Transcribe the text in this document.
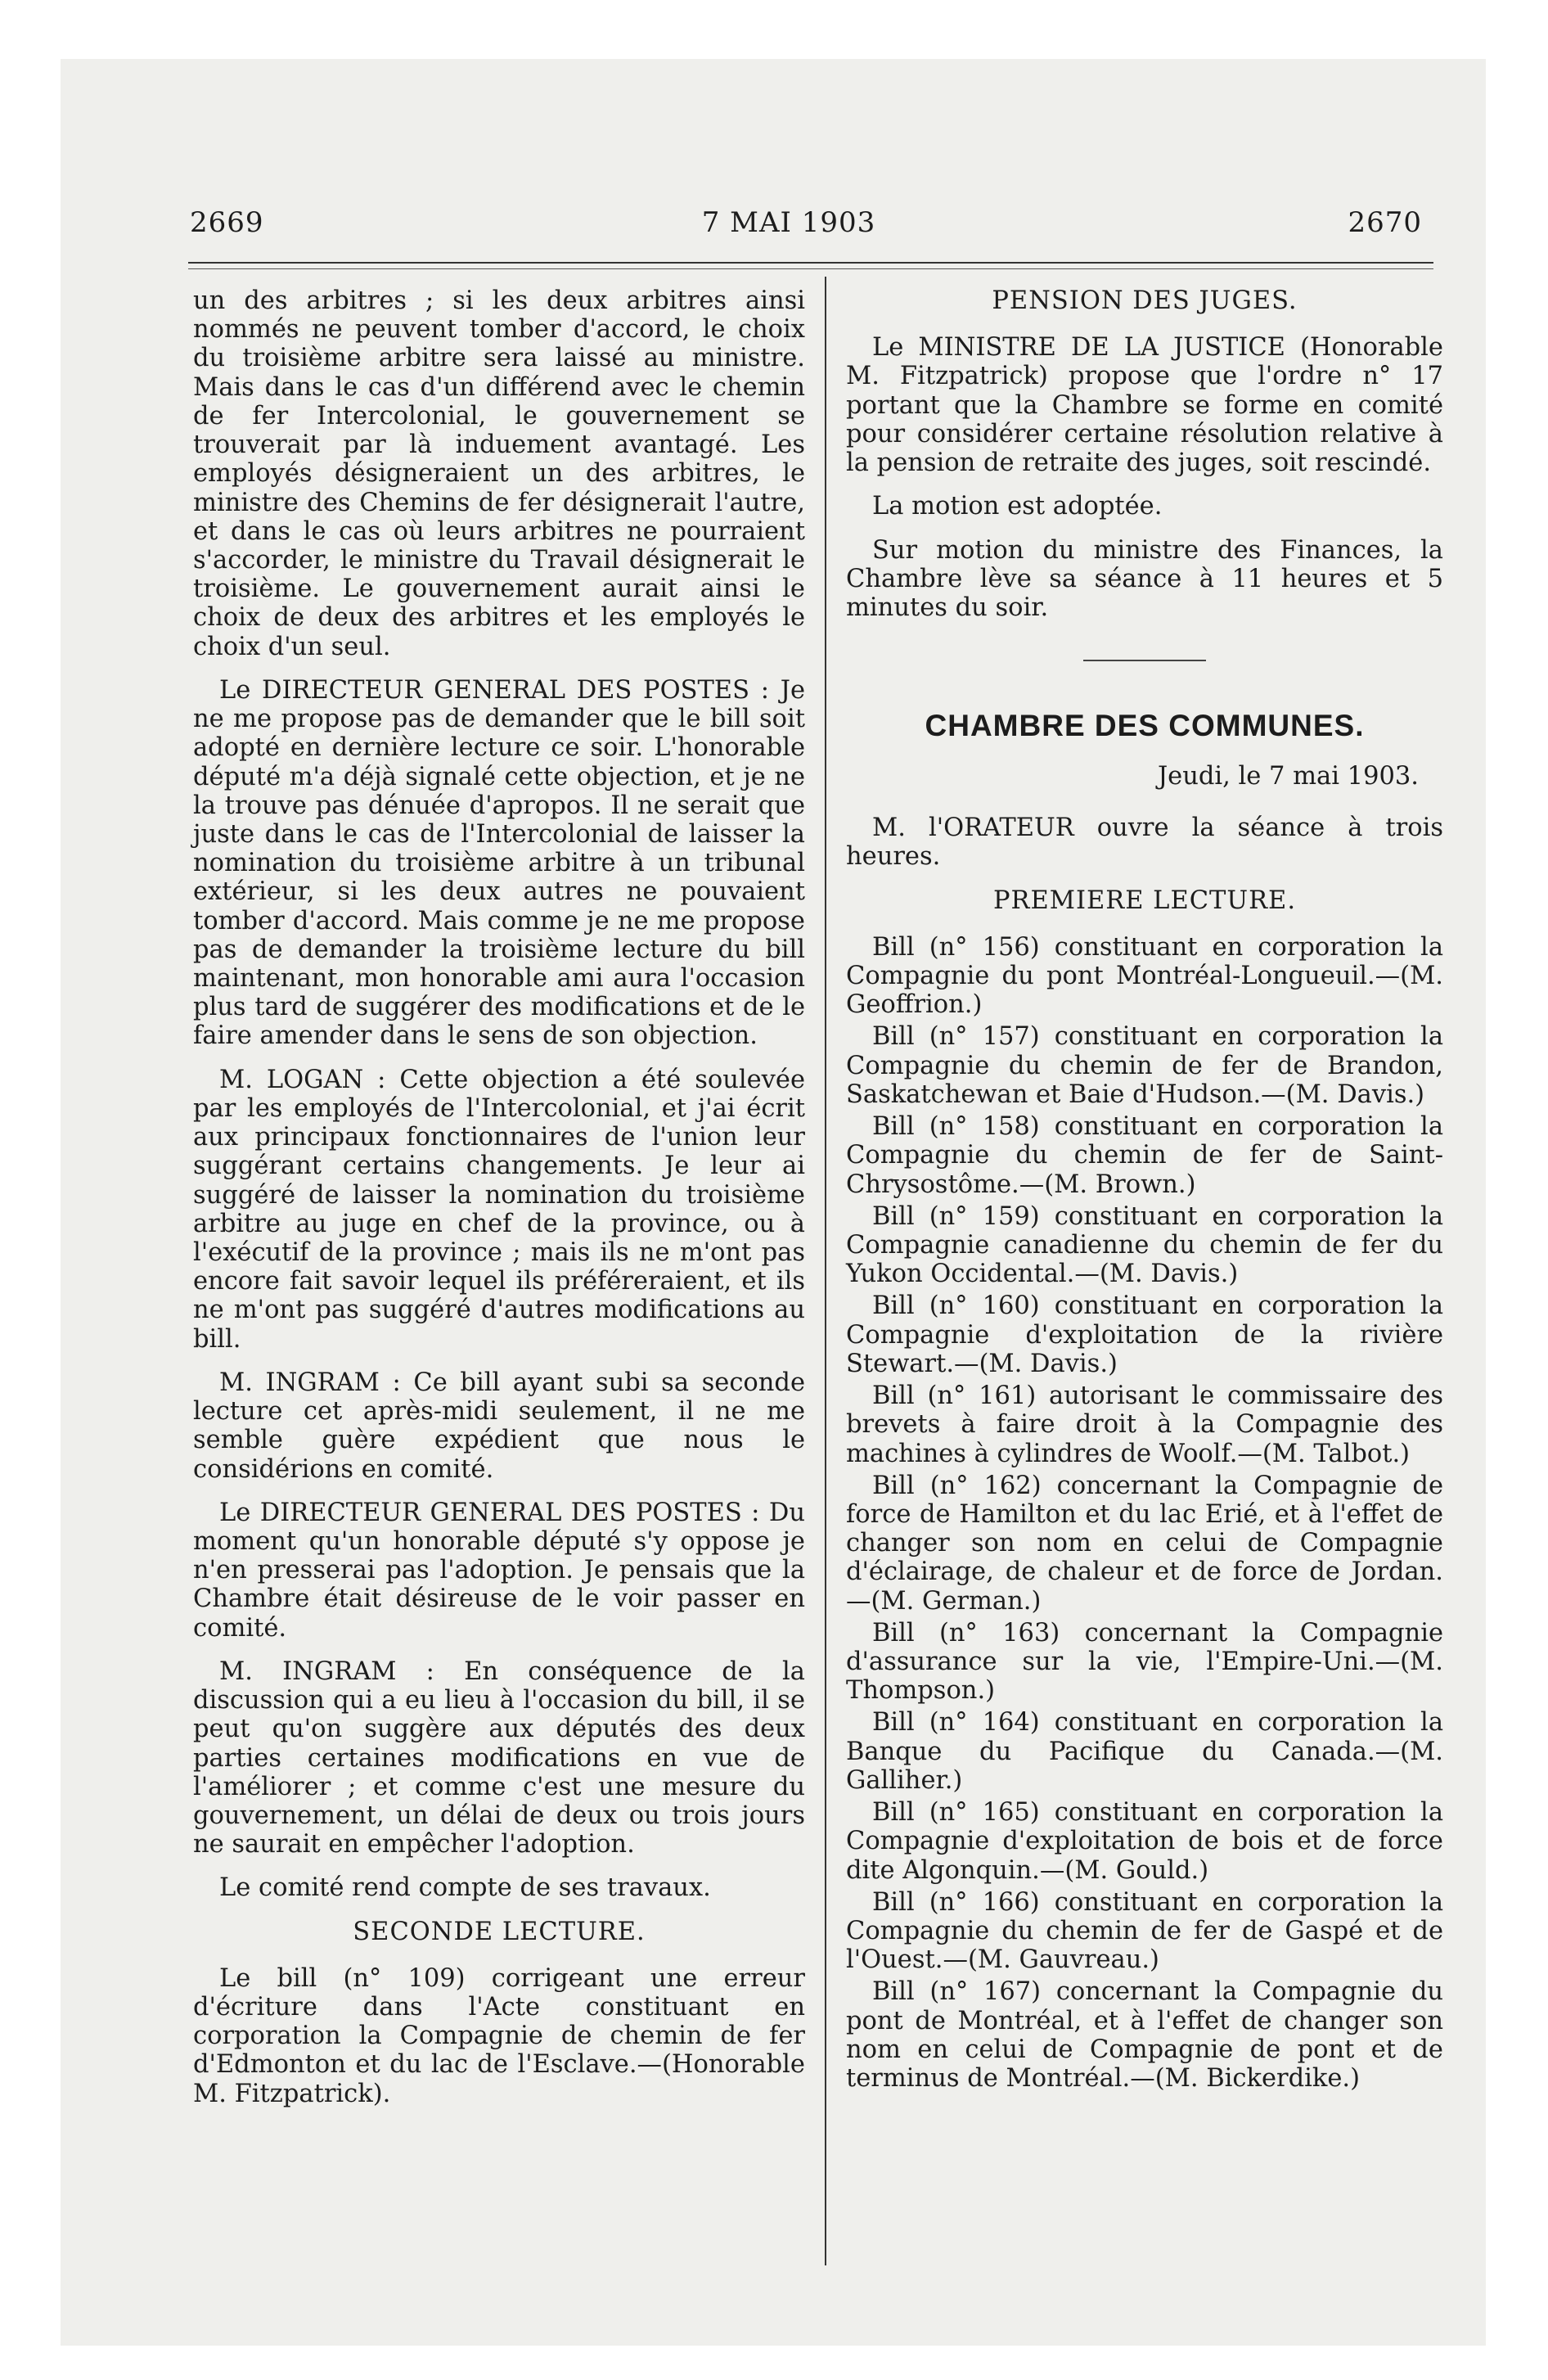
2669	7 MAI 1903	2670

un des arbitres ; si les deux arbitres ainsi nommés ne peuvent tomber d'accord, le choix du troisième arbitre sera laissé au ministre. Mais dans le cas d'un différend avec le chemin de fer Intercolonial, le gouvernement se trouverait par là induement avantagé. Les employés désigneraient un des arbitres, le ministre des Chemins de fer désignerait l'autre, et dans le cas où leurs arbitres ne pourraient s'accorder, le ministre du Travail désignerait le troisième. Le gouvernement aurait ainsi le choix de deux des arbitres et les employés le choix d'un seul.

Le DIRECTEUR GENERAL DES POSTES : Je ne me propose pas de demander que le bill soit adopté en dernière lecture ce soir. L'honorable député m'a déjà signalé cette objection, et je ne la trouve pas dénuée d'apropos. Il ne serait que juste dans le cas de l'Intercolonial de laisser la nomination du troisième arbitre à un tribunal extérieur, si les deux autres ne pouvaient tomber d'accord. Mais comme je ne me propose pas de demander la troisième lecture du bill maintenant, mon honorable ami aura l'occasion plus tard de suggérer des modifications et de le faire amender dans le sens de son objection.

M. LOGAN : Cette objection a été soulevée par les employés de l'Intercolonial, et j'ai écrit aux principaux fonctionnaires de l'union leur suggérant certains changements. Je leur ai suggéré de laisser la nomination du troisième arbitre au juge en chef de la province, ou à l'exécutif de la province ; mais ils ne m'ont pas encore fait savoir lequel ils préféreraient, et ils ne m'ont pas suggéré d'autres modifications au bill.

M. INGRAM : Ce bill ayant subi sa seconde lecture cet après-midi seulement, il ne me semble guère expédient que nous le considérions en comité.

Le DIRECTEUR GENERAL DES POSTES : Du moment qu'un honorable député s'y oppose je n'en presserai pas l'adoption. Je pensais que la Chambre était désireuse de le voir passer en comité.

M. INGRAM : En conséquence de la discussion qui a eu lieu à l'occasion du bill, il se peut qu'on suggère aux députés des deux parties certaines modifications en vue de l'améliorer ; et comme c'est une mesure du gouvernement, un délai de deux ou trois jours ne saurait en empêcher l'adoption.

Le comité rend compte de ses travaux.

SECONDE LECTURE.

Le bill (n° 109) corrigeant une erreur d'écriture dans l'Acte constituant en corporation la Compagnie de chemin de fer d'Edmonton et du lac de l'Esclave.—(Honorable M. Fitzpatrick).

PENSION DES JUGES.

Le MINISTRE DE LA JUSTICE (Honorable M. Fitzpatrick) propose que l'ordre n° 17 portant que la Chambre se forme en comité pour considérer certaine résolution relative à la pension de retraite des juges, soit rescindé.

La motion est adoptée.

Sur motion du ministre des Finances, la Chambre lève sa séance à 11 heures et 5 minutes du soir.

CHAMBRE DES COMMUNES.

Jeudi, le 7 mai 1903.

M. l'ORATEUR ouvre la séance à trois heures.

PREMIERE LECTURE.

Bill (n° 156) constituant en corporation la Compagnie du pont Montréal-Longueuil.—(M. Geoffrion.)

Bill (n° 157) constituant en corporation la Compagnie du chemin de fer de Brandon, Saskatchewan et Baie d'Hudson.—(M. Davis.)

Bill (n° 158) constituant en corporation la Compagnie du chemin de fer de Saint-Chrysostôme.—(M. Brown.)

Bill (n° 159) constituant en corporation la Compagnie canadienne du chemin de fer du Yukon Occidental.—(M. Davis.)

Bill (n° 160) constituant en corporation la Compagnie d'exploitation de la rivière Stewart.—(M. Davis.)

Bill (n° 161) autorisant le commissaire des brevets à faire droit à la Compagnie des machines à cylindres de Woolf.—(M. Talbot.)

Bill (n° 162) concernant la Compagnie de force de Hamilton et du lac Erié, et à l'effet de changer son nom en celui de Compagnie d'éclairage, de chaleur et de force de Jordan.—(M. German.)

Bill (n° 163) concernant la Compagnie d'assurance sur la vie, l'Empire-Uni.—(M. Thompson.)

Bill (n° 164) constituant en corporation la Banque du Pacifique du Canada.—(M. Galliher.)

Bill (n° 165) constituant en corporation la Compagnie d'exploitation de bois et de force dite Algonquin.—(M. Gould.)

Bill (n° 166) constituant en corporation la Compagnie du chemin de fer de Gaspé et de l'Ouest.—(M. Gauvreau.)

Bill (n° 167) concernant la Compagnie du pont de Montréal, et à l'effet de changer son nom en celui de Compagnie de pont et de terminus de Montréal.—(M. Bickerdike.)
